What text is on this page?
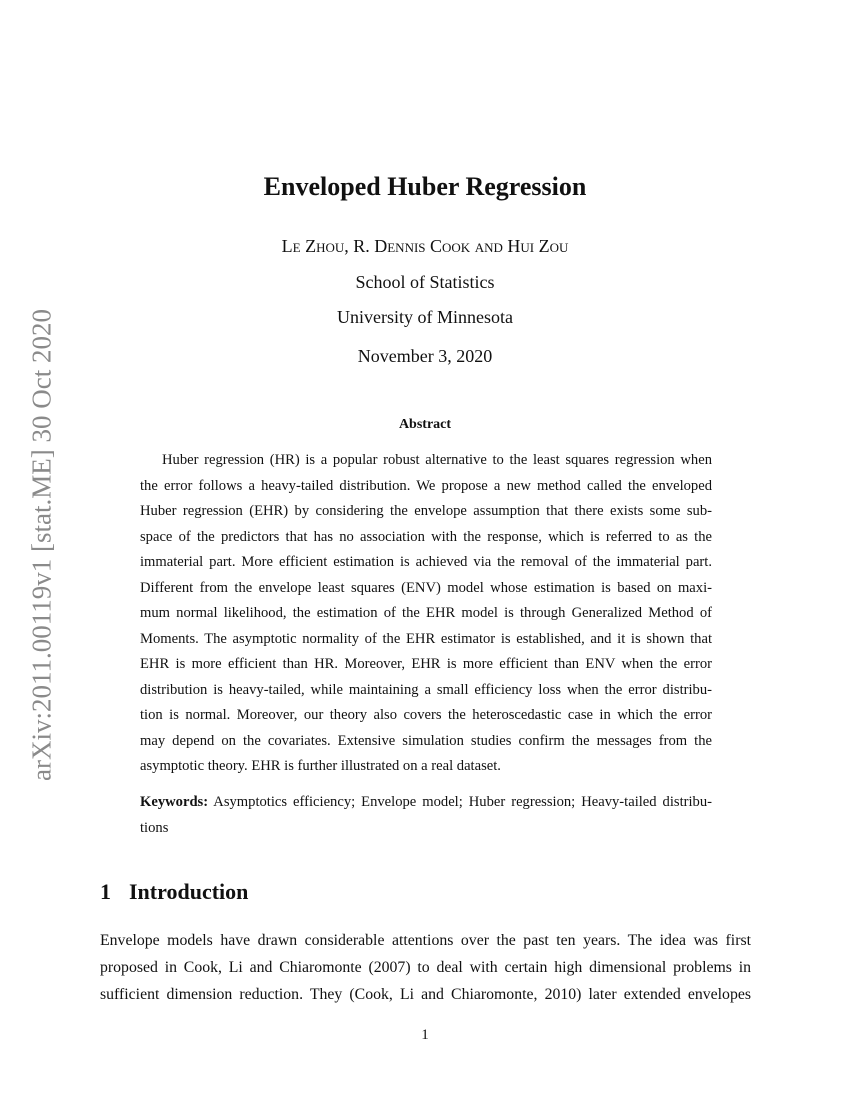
arXiv:2011.00119v1 [stat.ME] 30 Oct 2020
Enveloped Huber Regression
Le Zhou, R. Dennis Cook and Hui Zou
School of Statistics
University of Minnesota
November 3, 2020
Abstract
Huber regression (HR) is a popular robust alternative to the least squares regression when
the error follows a heavy-tailed distribution. We propose a new method called the enveloped
Huber regression (EHR) by considering the envelope assumption that there exists some sub-
space of the predictors that has no association with the response, which is referred to as the
immaterial part. More efficient estimation is achieved via the removal of the immaterial part.
Different from the envelope least squares (ENV) model whose estimation is based on maxi-
mum normal likelihood, the estimation of the EHR model is through Generalized Method of
Moments. The asymptotic normality of the EHR estimator is established, and it is shown that
EHR is more efficient than HR. Moreover, EHR is more efficient than ENV when the error
distribution is heavy-tailed, while maintaining a small efficiency loss when the error distribu-
tion is normal. Moreover, our theory also covers the heteroscedastic case in which the error
may depend on the covariates. Extensive simulation studies confirm the messages from the
asymptotic theory. EHR is further illustrated on a real dataset.
Keywords: Asymptotics efficiency; Envelope model; Huber regression; Heavy-tailed distribu-
tions
1 Introduction
Envelope models have drawn considerable attentions over the past ten years. The idea was first
proposed in Cook, Li and Chiaromonte (2007) to deal with certain high dimensional problems in
sufficient dimension reduction. They (Cook, Li and Chiaromonte, 2010) later extended envelopes
1
